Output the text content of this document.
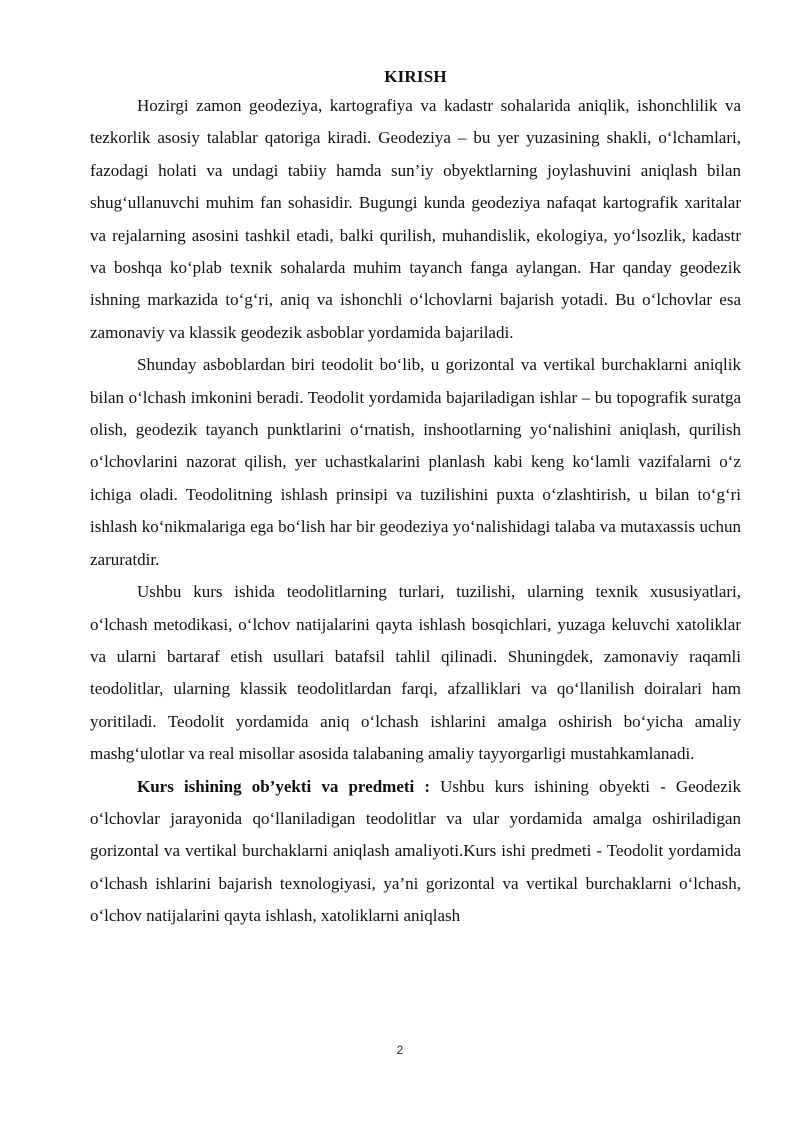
KIRISH

Hozirgi zamon geodeziya, kartografiya va kadastr sohalarida aniqlik, ishonchlilik va tezkorlik asosiy talablar qatoriga kiradi. Geodeziya – bu yer yuzasining shakli, oʻlchamlari, fazodagi holati va undagi tabiiy hamda sun’iy obyektlarning joylashuvini aniqlash bilan shugʻullanuvchi muhim fan sohasidir. Bugungi kunda geodeziya nafaqat kartografik xaritalar va rejalarning asosini tashkil etadi, balki qurilish, muhandislik, ekologiya, yoʻlsozlik, kadastr va boshqa koʻplab texnik sohalarda muhim tayanch fanga aylangan. Har qanday geodezik ishning markazida toʻgʻri, aniq va ishonchli oʻlchovlarni bajarish yotadi. Bu oʻlchovlar esa zamonaviy va klassik geodezik asboblar yordamida bajariladi.

Shunday asboblardan biri teodolit boʻlib, u gorizontal va vertikal burchaklarni aniqlik bilan oʻlchash imkonini beradi. Teodolit yordamida bajariladigan ishlar – bu topografik suratga olish, geodezik tayanch punktlarini oʻrnatish, inshootlarning yoʻnalishini aniqlash, qurilish oʻlchovlarini nazorat qilish, yer uchastkalarini planlash kabi keng koʻlamli vazifalarni oʻz ichiga oladi. Teodolitning ishlash prinsipi va tuzilishini puxta oʻzlashtirish, u bilan toʻgʻri ishlash koʻnikmalariga ega boʻlish har bir geodeziya yoʻnalishidagi talaba va mutaxassis uchun zaruratdir.

Ushbu kurs ishida teodolitlarning turlari, tuzilishi, ularning texnik xususiyatlari, oʻlchash metodikasi, oʻlchov natijalarini qayta ishlash bosqichlari, yuzaga keluvchi xatoliklar va ularni bartaraf etish usullari batafsil tahlil qilinadi. Shuningdek, zamonaviy raqamli teodolitlar, ularning klassik teodolitlardan farqi, afzalliklari va qoʻllanilish doiralari ham yoritiladi. Teodolit yordamida aniq oʻlchash ishlarini amalga oshirish boʻyicha amaliy mashgʻulotlar va real misollar asosida talabaning amaliy tayyorgarligi mustahkamlanadi.

Kurs ishining ob’yekti va predmeti : Ushbu kurs ishining obyekti - Geodezik oʻlchovlar jarayonida qoʻllaniladigan teodolitlar va ular yordamida amalga oshiriladigan gorizontal va vertikal burchaklarni aniqlash amaliyoti.Kurs ishi predmeti - Teodolit yordamida oʻlchash ishlarini bajarish texnologiyasi, ya’ni gorizontal va vertikal burchaklarni oʻlchash, oʻlchov natijalarini qayta ishlash, xatoliklarni aniqlash

2
